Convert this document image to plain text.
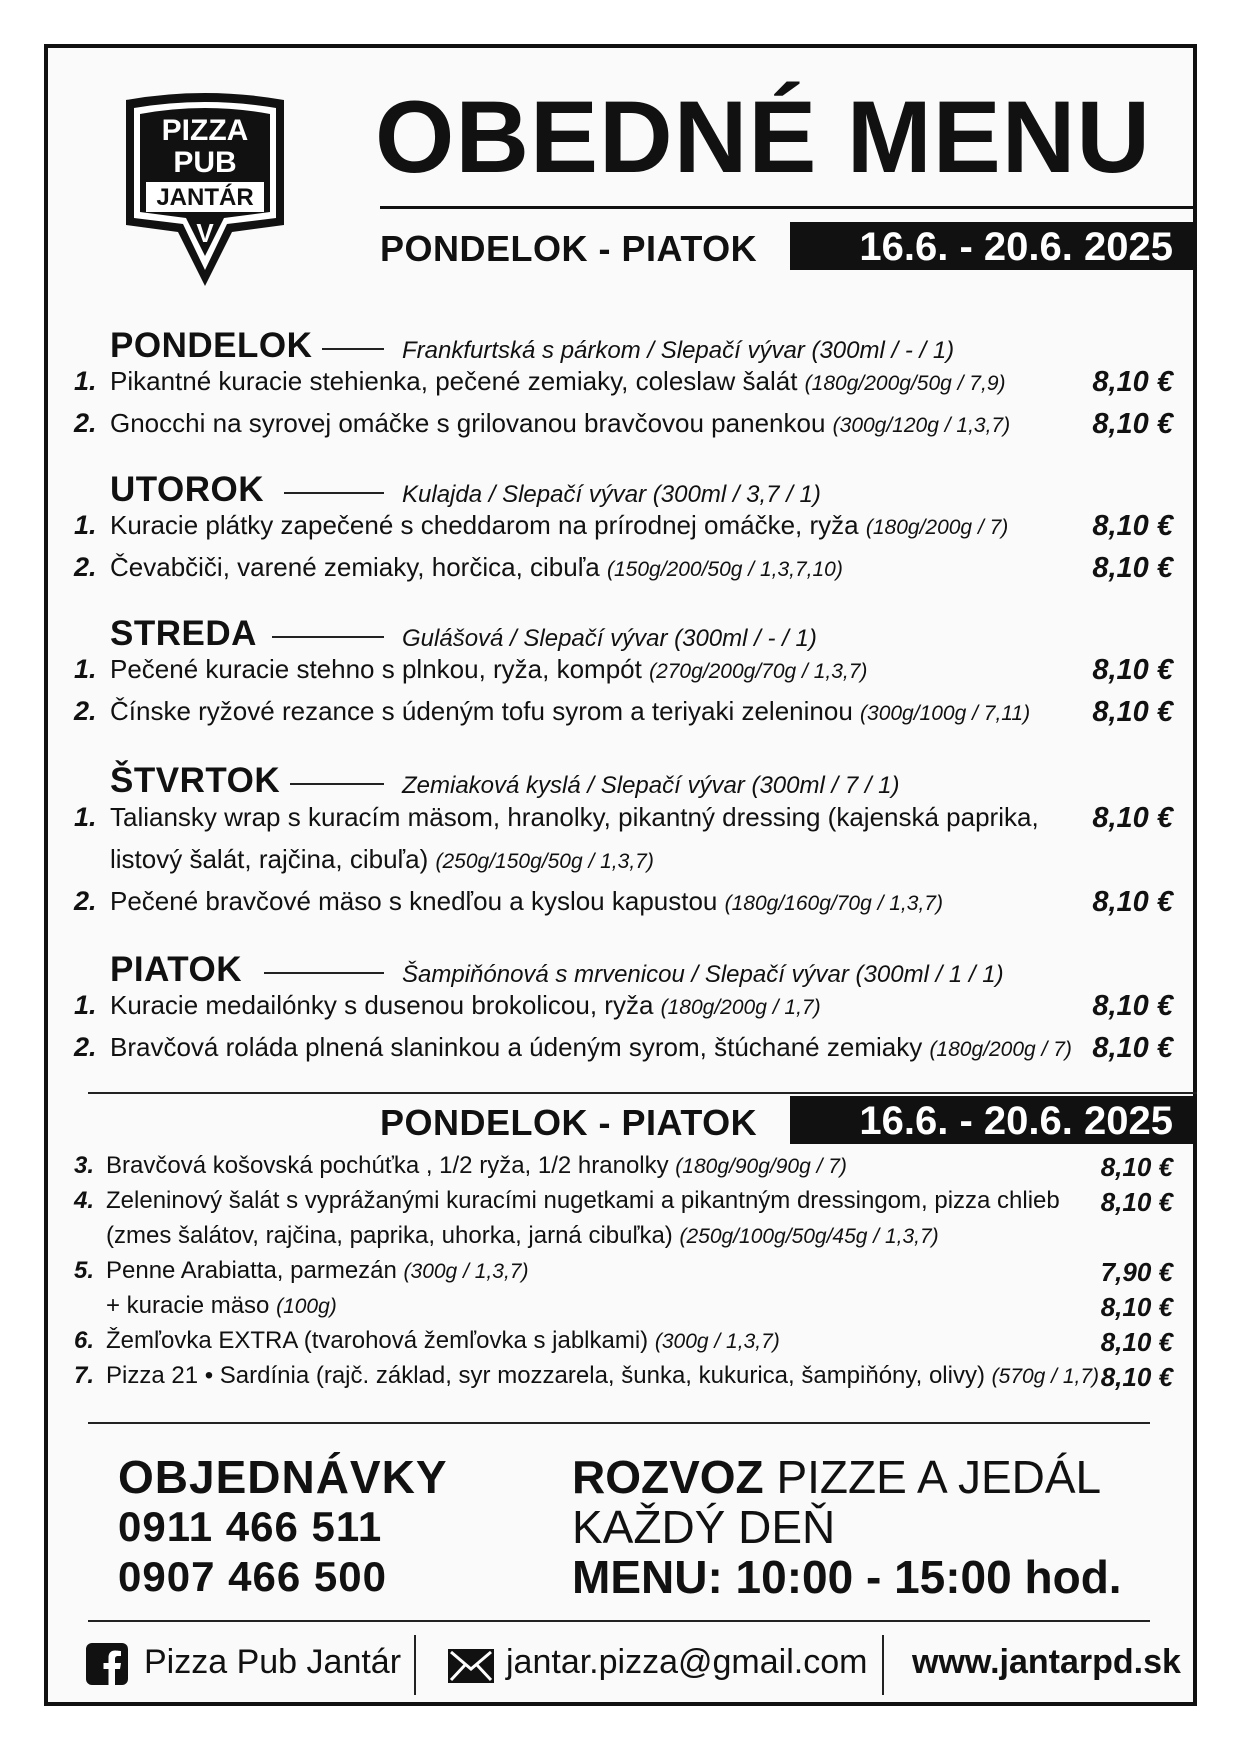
PIZZA
PUB
JANTÁR
V
OBEDNÉ MENU
PONDELOK - PIATOK	16.6. - 20.6. 2025
PONDELOK	Frankfurtská s párkom / Slepačí vývar (300ml / - / 1)
1. Pikantné kuracie stehienka, pečené zemiaky, coleslaw šalát (180g/200g/50g / 7,9)	8,10 €
2. Gnocchi na syrovej omáčke s grilovanou bravčovou panenkou (300g/120g / 1,3,7)	8,10 €
UTOROK	Kulajda / Slepačí vývar (300ml / 3,7 / 1)
1. Kuracie plátky zapečené s cheddarom na prírodnej omáčke, ryža (180g/200g / 7)	8,10 €
2. Čevabčiči, varené zemiaky, horčica, cibuľa (150g/200/50g / 1,3,7,10)	8,10 €
STREDA	Gulášová / Slepačí vývar (300ml / - / 1)
1. Pečené kuracie stehno s plnkou, ryža, kompót (270g/200g/70g / 1,3,7)	8,10 €
2. Čínske ryžové rezance s údeným tofu syrom a teriyaki zeleninou (300g/100g / 7,11) 8,10 €
ŠTVRTOK	Zemiaková kyslá / Slepačí vývar (300ml / 7 / 1)
1. Taliansky wrap s kuracím mäsom, hranolky, pikantný dressing (kajenská paprika, 8,10 €
listový šalát, rajčina, cibuľa) (250g/150g/50g / 1,3,7)
2. Pečené bravčové mäso s knedľou a kyslou kapustou (180g/160g/70g / 1,3,7)	8,10 €
PIATOK	Šampiňónová s mrvenicou / Slepačí vývar (300ml / 1 / 1)
1. Kuracie medailónky s dusenou brokolicou, ryža (180g/200g / 1,7)	8,10 €
2. Bravčová roláda plnená slaninkou a údeným syrom, štúchané zemiaky (180g/200g / 7) 8,10 €
PONDELOK - PIATOK	16.6. - 20.6. 2025
3. Bravčová košovská pochúťka , 1/2 ryža, 1/2 hranolky (180g/90g/90g / 7)	8,10 €
4. Zeleninový šalát s vyprážanými kuracími nugetkami a pikantným dressingom, pizza chlieb 8,10 €
(zmes šalátov, rajčina, paprika, uhorka, jarná cibuľka) (250g/100g/50g/45g / 1,3,7)
5. Penne Arabiatta, parmezán (300g / 1,3,7)	7,90 €
+ kuracie mäso (100g)	8,10 €
6. Žemľovka EXTRA (tvarohová žemľovka s jablkami) (300g / 1,3,7)	8,10 €
7. Pizza 21 • Sardínia (rajč. základ, syr mozzarela, šunka, kukurica, šampiňóny, olivy) (570g / 1,7) 8,10 €
OBJEDNÁVKY
0911 466 511
0907 466 500
ROZVOZ PIZZE A JEDÁL
KAŽDÝ DEŇ
MENU: 10:00 - 15:00 hod.
Pizza Pub Jantár	jantar.pizza@gmail.com www.jantarpd.sk
